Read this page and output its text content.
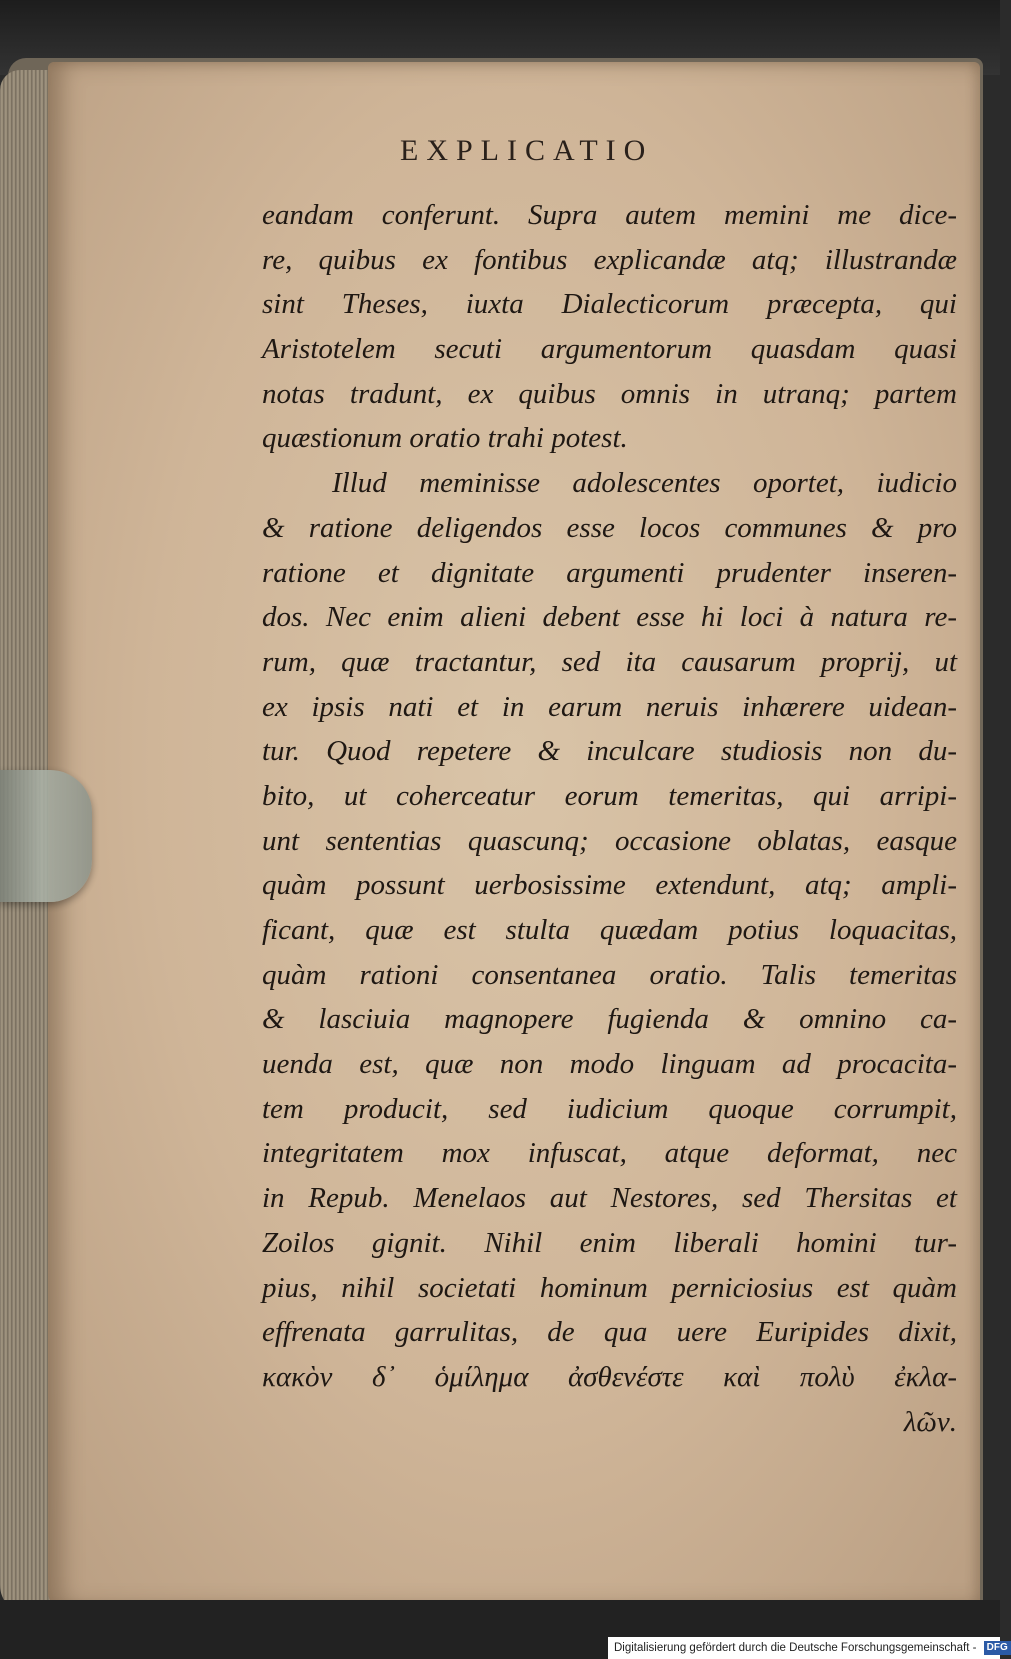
EXPLICATIO
eandam conferunt. Supra autem memini me dice-
re, quibus ex fontibus explicandæ atq; illustrandæ
sint Theses, iuxta Dialecticorum præcepta, qui
Aristotelem secuti argumentorum quasdam quasi
notas tradunt, ex quibus omnis in utranq; partem
quæstionum oratio trahi potest.
Illud meminisse adolescentes oportet, iudicio
& ratione deligendos esse locos communes & pro
ratione et dignitate argumenti prudenter inseren-
dos. Nec enim alieni debent esse hi loci à natura re-
rum, quæ tractantur, sed ita causarum proprij, ut
ex ipsis nati et in earum neruis inhærere uidean-
tur. Quod repetere & inculcare studiosis non du-
bito, ut coherceatur eorum temeritas, qui arripi-
unt sententias quascunq; occasione oblatas, easque
quàm possunt uerbosissime extendunt, atq; ampli-
ficant, quæ est stulta quædam potius loquacitas,
quàm rationi consentanea oratio. Talis temeritas
& lasciuia magnopere fugienda & omnino ca-
uenda est, quæ non modo linguam ad procacita-
tem producit, sed iudicium quoque corrumpit,
integritatem mox infuscat, atque deformat, nec
in Repub. Menelaos aut Nestores, sed Thersitas et
Zoilos gignit. Nihil enim liberali homini tur-
pius, nihil societati hominum perniciosius est quàm
effrenata garrulitas, de qua uere Euripides dixit,
κακὸν δ᾽ ὁμίλημα ἀσθενέστε καὶ πολὺ ἐκλα-
λῶν.
Digitalisierung gefördert durch die Deutsche Forschungsgemeinschaft - DFG
